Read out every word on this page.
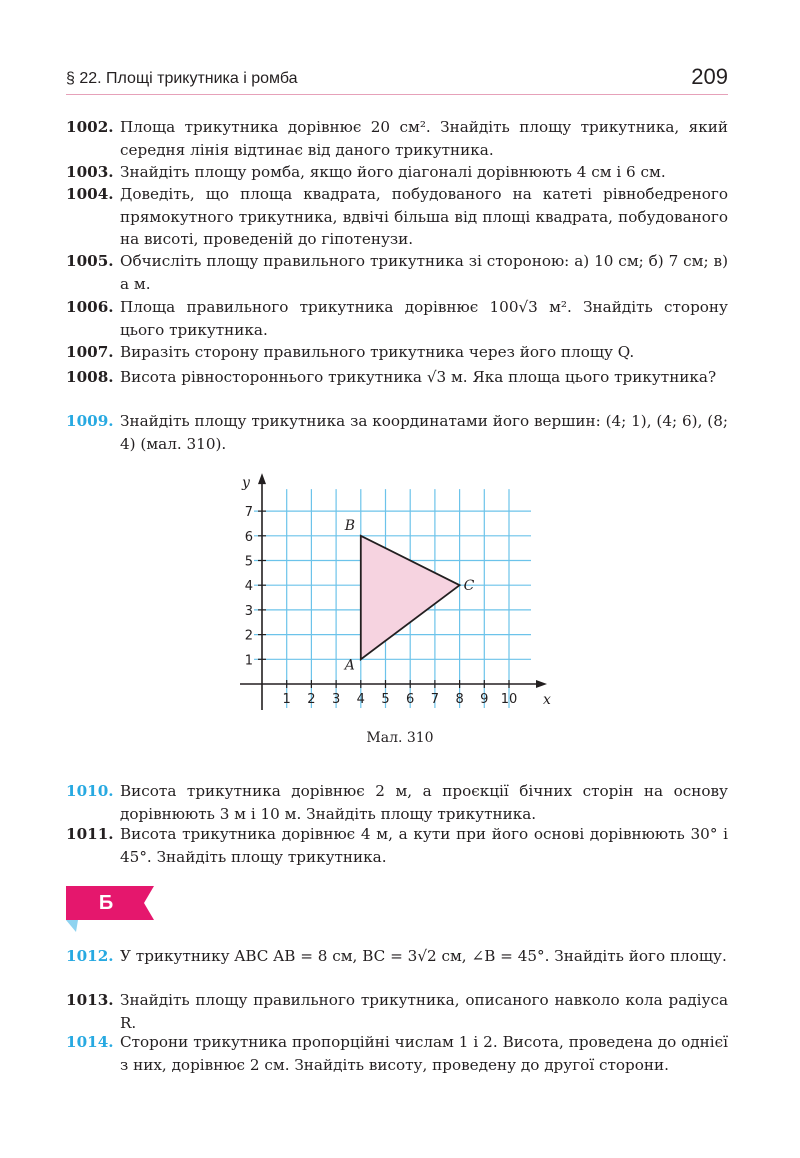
§ 22. Площі трикутника і ромба	209
1002. Площа трикутника дорівнює 20 см². Знайдіть площу трикутника, який середня лінія відтинає від даного трикутника.
1003. Знайдіть площу ромба, якщо його діагоналі дорівнюють 4 см і 6 см.
1004. Доведіть, що площа квадрата, побудованого на катеті рівнобедреного прямокутного трикутника, вдвічі більша від площі квадрата, побудованого на висоті, проведеній до гіпотенузи.
1005. Обчисліть площу правильного трикутника зі стороною: а) 10 см; б) 7 см; в) a м.
1006. Площа правильного трикутника дорівнює 100√3 м². Знайдіть сторону цього трикутника.
1007. Виразіть сторону правильного трикутника через його площу Q.
1008. Висота рівностороннього трикутника √3 м. Яка площа цього трикутника?
1009. Знайдіть площу трикутника за координатами його вершин: (4; 1), (4; 6), (8; 4) (мал. 310).
1 2 3 4 5 6 7 8 9 10
1
2
3
4
5
6
7
x
y
A
B
C
Мал. 310
1010. Висота трикутника дорівнює 2 м, а проєкції бічних сторін на основу дорівнюють 3 м і 10 м. Знайдіть площу трикутника.
1011. Висота трикутника дорівнює 4 м, а кути при його основі дорівнюють 30° і 45°. Знайдіть площу трикутника.
Б
1012. У трикутнику ABC AB = 8 см, BC = 3√2 см, ∠B = 45°. Знайдіть його площу.
1013. Знайдіть площу правильного трикутника, описаного навколо кола радіуса R.
1014. Сторони трикутника пропорційні числам 1 і 2. Висота, проведена до однієї з них, дорівнює 2 см. Знайдіть висоту, проведену до другої сторони.
